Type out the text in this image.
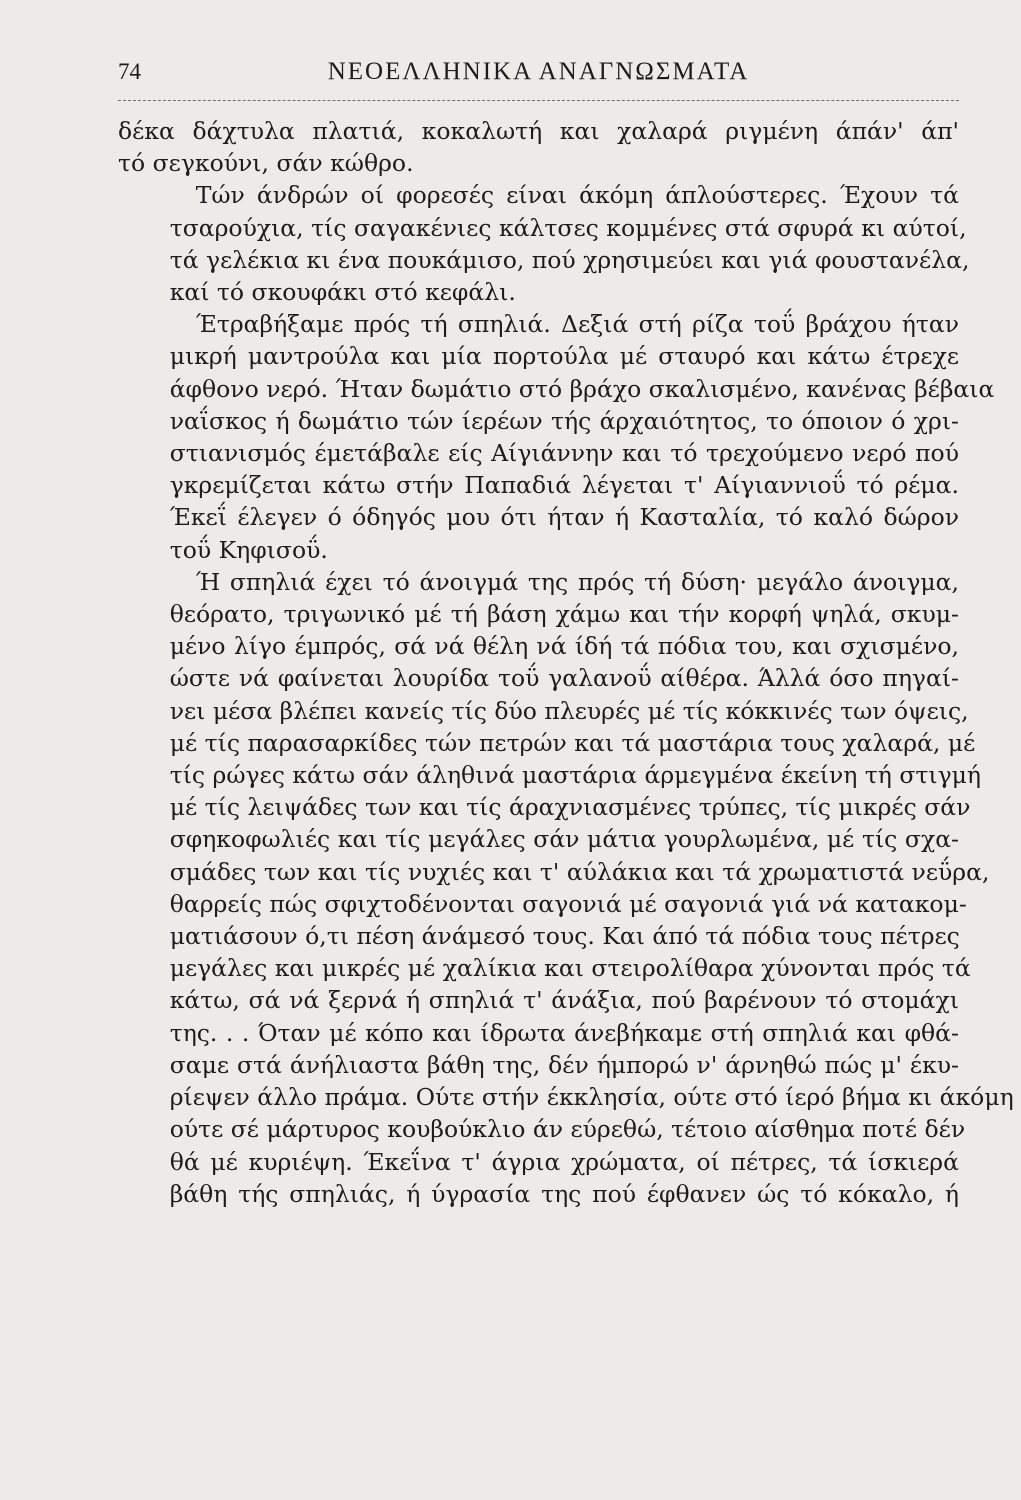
74	ΝΕΟΕΛΛΗΝΙΚΑ ΑΝΑΓΝΩΣΜΑΤΑ
δέκα δάχτυλα πλατιά, κοκαλωτή και χαλαρά ριγμένη άπάν' άπ'
τό σεγκούνι, σάν κώθρο.
Τών άνδρών οί φορεσές είναι άκόμη άπλούστερες. Έχουν τά
τσαρούχια, τίς σαγακένιες κάλτσες κομμένες στά σφυρά κι αύτοί,
τά γελέκια κι ένα πουκάμισο, πού χρησιμεύει και γιά φουστανέλα,
καί τό σκουφάκι στό κεφάλι.
Έτραβήξαμε πρός τή σπηλιά. Δεξιά στή ρίζα τοΰ βράχου ήταν
μικρή μαντρούλα και μία πορτούλα μέ σταυρό και κάτω έτρεχε
άφθονο νερό. Ήταν δωμάτιο στό βράχο σκαλισμένο, κανένας βέβαια
ναΐσκος ή δωμάτιο τών ίερέων τής άρχαιότητος, το όποιον ό χρι-
στιανισμός έμετάβαλε είς Αίγιάννην και τό τρεχούμενο νερό πού
γκρεμίζεται κάτω στήν Παπαδιά λέγεται τ' Αίγιαννιοΰ τό ρέμα.
Έκεΐ έλεγεν ό όδηγός μου ότι ήταν ή Κασταλία, τό καλό δώρον
τοΰ Κηφισοΰ.
Ή σπηλιά έχει τό άνοιγμά της πρός τή δύση· μεγάλο άνοιγμα,
θεόρατο, τριγωνικό μέ τή βάση χάμω και τήν κορφή ψηλά, σκυμ-
μένο λίγο έμπρός, σά νά θέλη νά ίδή τά πόδια του, και σχισμένο,
ώστε νά φαίνεται λουρίδα τοΰ γαλανοΰ αίθέρα. Άλλά όσο πηγαί-
νει μέσα βλέπει κανείς τίς δύο πλευρές μέ τίς κόκκινές των όψεις,
μέ τίς παρασαρκίδες τών πετρών και τά μαστάρια τους χαλαρά, μέ
τίς ρώγες κάτω σάν άληθινά μαστάρια άρμεγμένα έκείνη τή στιγμή
μέ τίς λειψάδες των και τίς άραχνιασμένες τρύπες, τίς μικρές σάν
σφηκοφωλιές και τίς μεγάλες σάν μάτια γουρλωμένα, μέ τίς σχα-
σμάδες των και τίς νυχιές και τ' αύλάκια και τά χρωματιστά νεΰρα,
θαρρείς πώς σφιχτοδένονται σαγονιά μέ σαγονιά γιά νά κατακομ-
ματιάσουν ό,τι πέση άνάμεσό τους. Και άπό τά πόδια τους πέτρες
μεγάλες και μικρές μέ χαλίκια και στειρολίθαρα χύνονται πρός τά
κάτω, σά νά ξερνά ή σπηλιά τ' άνάξια, πού βαρένουν τό στομάχι
της. . . Όταν μέ κόπο και ίδρωτα άνεβήκαμε στή σπηλιά και φθά-
σαμε στά άνήλιαστα βάθη της, δέν ήμπορώ ν' άρνηθώ πώς μ' έκυ-
ρίεψεν άλλο πράμα. Ούτε στήν έκκλησία, ούτε στό ίερό βήμα κι άκόμη
ούτε σέ μάρτυρος κουβούκλιο άν εύρεθώ, τέτοιο αίσθημα ποτέ δέν
θά μέ κυριέψη. Έκεΐνα τ' άγρια χρώματα, οί πέτρες, τά ίσκιερά
βάθη τής σπηλιάς, ή ύγρασία της πού έφθανεν ώς τό κόκαλο, ή
